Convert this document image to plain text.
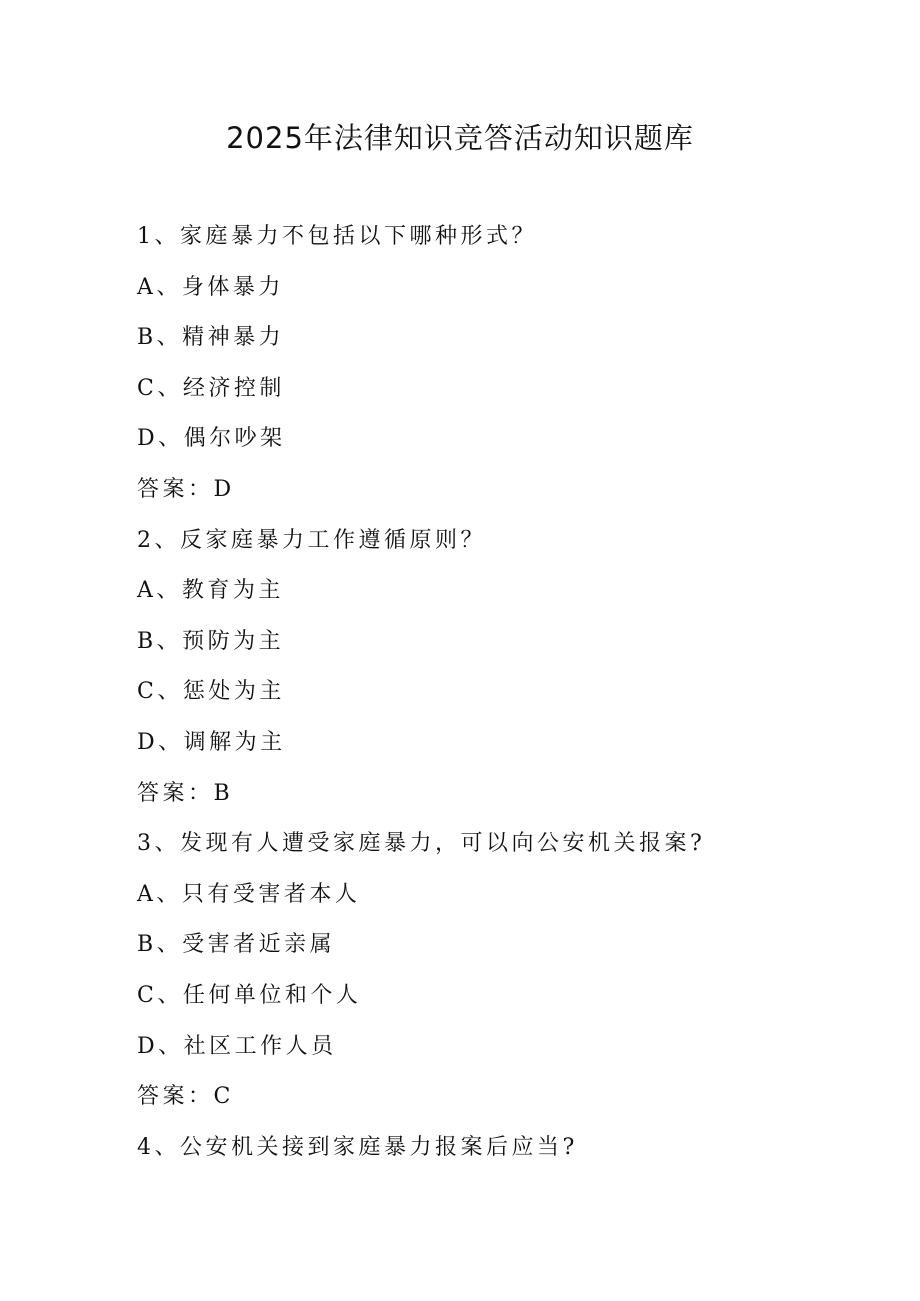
2025年法律知识竞答活动知识题库
1、家庭暴力不包括以下哪种形式？
A、身体暴力
B、精神暴力
C、经济控制
D、偶尔吵架
答案：D
2、反家庭暴力工作遵循原则？
A、教育为主
B、预防为主
C、惩处为主
D、调解为主
答案：B
3、发现有人遭受家庭暴力，可以向公安机关报案?
A、只有受害者本人
B、受害者近亲属
C、任何单位和个人
D、社区工作人员
答案：C
4、公安机关接到家庭暴力报案后应当?
